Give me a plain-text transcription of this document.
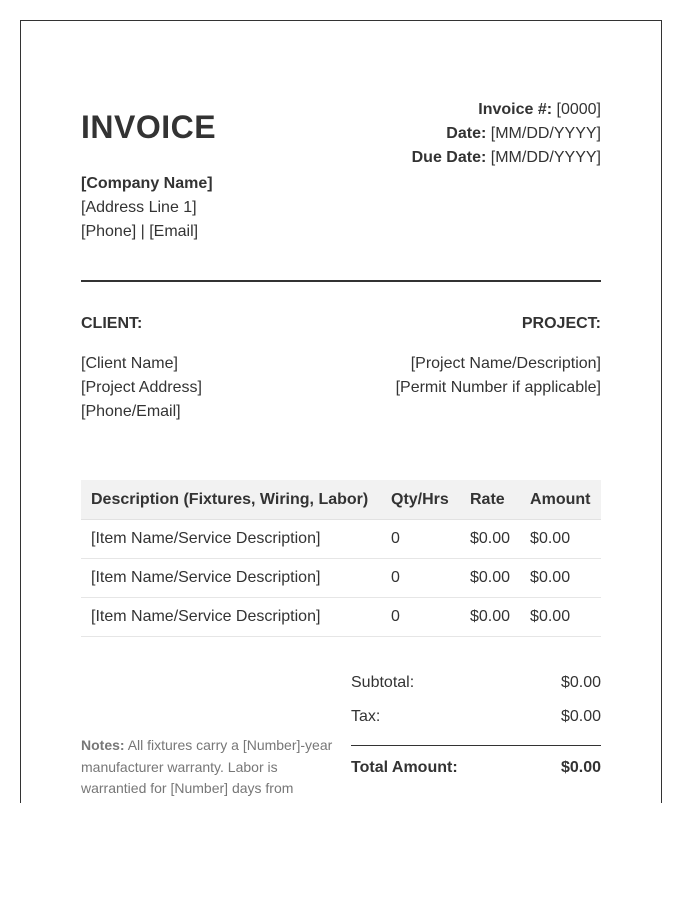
INVOICE	Invoice #: [0000]
Date: [MM/DD/YYYY]
Due Date: [MM/DD/YYYY]
[Company Name]
[Address Line 1]
[Phone] | [Email]
CLIENT:
[Client Name]
[Project Address]
[Phone/Email]
PROJECT:
[Project Name/Description]
[Permit Number if applicable]
Description (Fixtures, Wiring, Labor)	Qty/Hrs	Rate	Amount
[Item Name/Service Description]	0	$0.00	$0.00
[Item Name/Service Description]	0	$0.00	$0.00
[Item Name/Service Description]	0	$0.00	$0.00
Subtotal:	$0.00
Tax:	$0.00
Total Amount:	$0.00
Notes: All fixtures carry a [Number]-year manufacturer warranty. Labor is warrantied for [Number] days from
